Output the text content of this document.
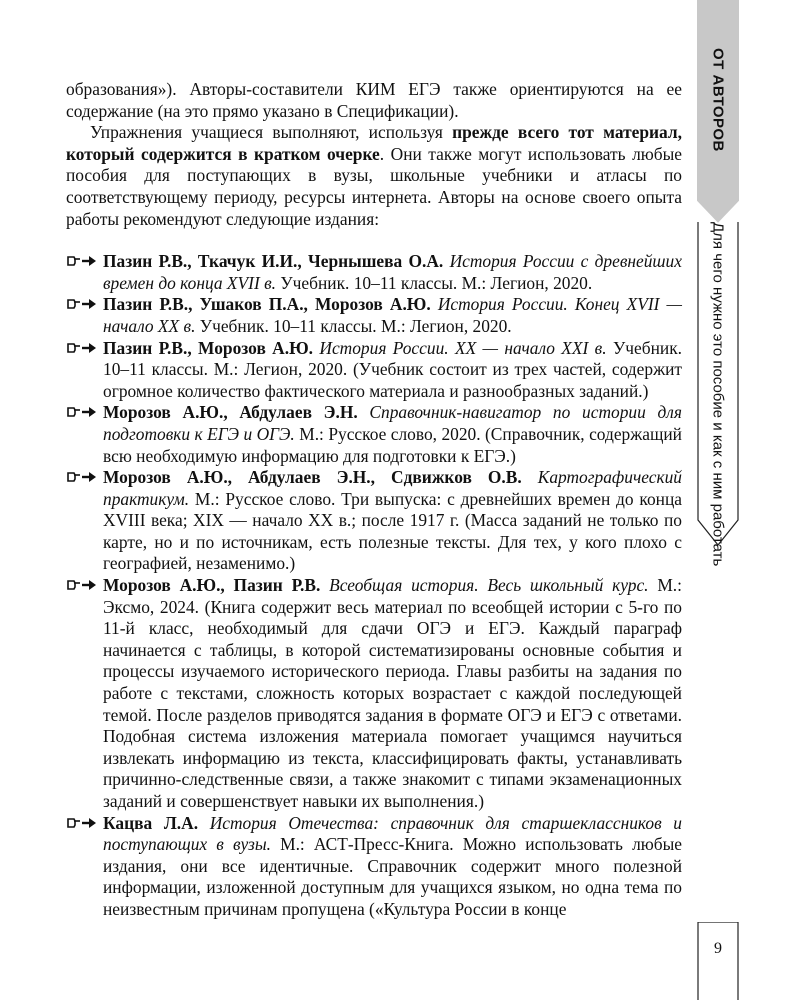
образования»). Авторы-составители КИМ ЕГЭ также ориентируются на ее содержание (на это прямо указано в Спецификации).

Упражнения учащиеся выполняют, используя прежде всего тот материал, который содержится в кратком очерке. Они также могут использовать любые пособия для поступающих в вузы, школьные учебники и атласы по соответствующему периоду, ресурсы интернета. Авторы на основе своего опыта работы рекомендуют следующие издания:

Пазин Р.В., Ткачук И.И., Чернышева О.А. История России с древнейших времен до конца XVII в. Учебник. 10–11 классы. М.: Легион, 2020.

Пазин Р.В., Ушаков П.А., Морозов А.Ю. История России. Конец XVII — начало XX в. Учебник. 10–11 классы. М.: Легион, 2020.

Пазин Р.В., Морозов А.Ю. История России. XX — начало XXI в. Учебник. 10–11 классы. М.: Легион, 2020. (Учебник состоит из трех частей, содержит огромное количество фактического материала и разнообразных заданий.)

Морозов А.Ю., Абдулаев Э.Н. Справочник-навигатор по истории для подготовки к ЕГЭ и ОГЭ. М.: Русское слово, 2020. (Справочник, содержащий всю необходимую информацию для подготовки к ЕГЭ.)

Морозов А.Ю., Абдулаев Э.Н., Сдвижков О.В. Картографический практикум. М.: Русское слово. Три выпуска: с древнейших времен до конца XVIII века; XIX — начало XX в.; после 1917 г. (Масса заданий не только по карте, но и по источникам, есть полезные тексты. Для тех, у кого плохо с географией, незаменимо.)

Морозов А.Ю., Пазин Р.В. Всеобщая история. Весь школьный курс. М.: Эксмо, 2024. (Книга содержит весь материал по всеобщей истории с 5-го по 11-й класс, необходимый для сдачи ОГЭ и ЕГЭ. Каждый параграф начинается с таблицы, в которой систематизированы основные события и процессы изучаемого исторического периода. Главы разбиты на задания по работе с текстами, сложность которых возрастает с каждой последующей темой. После разделов приводятся задания в формате ОГЭ и ЕГЭ с ответами. Подобная система изложения материала помогает учащимся научиться извлекать информацию из текста, классифицировать факты, устанавливать причинно-следственные связи, а также знакомит с типами экзаменационных заданий и совершенствует навыки их выполнения.)

Кацва Л.А. История Отечества: справочник для старшеклассников и поступающих в вузы. М.: АСТ-Пресс-Книга. Можно использовать любые издания, они все идентичные. Справочник содержит много полезной информации, изложенной доступным для учащихся языком, но одна тема по неизвестным причинам пропущена («Культура России в конце

ОТ АВТОРОВ
Для чего нужно это пособие и как с ним работать
9
